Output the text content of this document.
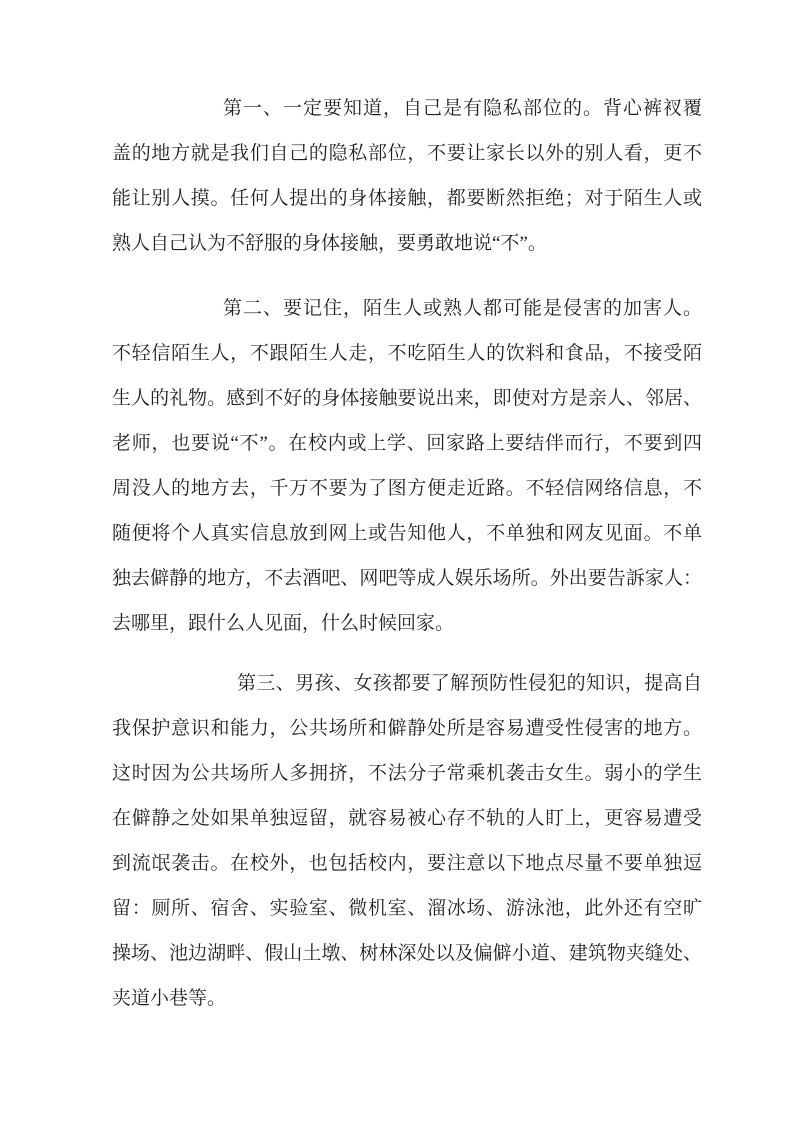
第一、一定要知道，自己是有隐私部位的。背心裤衩覆
盖的地方就是我们自己的隐私部位，不要让家长以外的别人看，更不
能让别人摸。任何人提出的身体接触，都要断然拒绝；对于陌生人或
熟人自己认为不舒服的身体接触，要勇敢地说“不”。
第二、要记住，陌生人或熟人都可能是侵害的加害人。
不轻信陌生人，不跟陌生人走，不吃陌生人的饮料和食品，不接受陌
生人的礼物。感到不好的身体接触要说出来，即使对方是亲人、邻居、
老师，也要说“不”。在校内或上学、回家路上要结伴而行，不要到四
周没人的地方去，千万不要为了图方便走近路。不轻信网络信息，不
随便将个人真实信息放到网上或告知他人，不单独和网友见面。不单
独去僻静的地方，不去酒吧、网吧等成人娱乐场所。外出要告訴家人：
去哪里，跟什么人见面，什么时候回家。
第三、男孩、女孩都要了解预防性侵犯的知识，提高自
我保护意识和能力，公共场所和僻静处所是容易遭受性侵害的地方。
这时因为公共场所人多拥挤，不法分子常乘机袭击女生。弱小的学生
在僻静之处如果单独逗留，就容易被心存不轨的人盯上，更容易遭受
到流氓袭击。在校外，也包括校内，要注意以下地点尽量不要单独逗
留：厕所、宿舍、实验室、微机室、溜冰场、游泳池，此外还有空旷
操场、池边湖畔、假山土墩、树林深处以及偏僻小道、建筑物夹缝处、
夹道小巷等。
